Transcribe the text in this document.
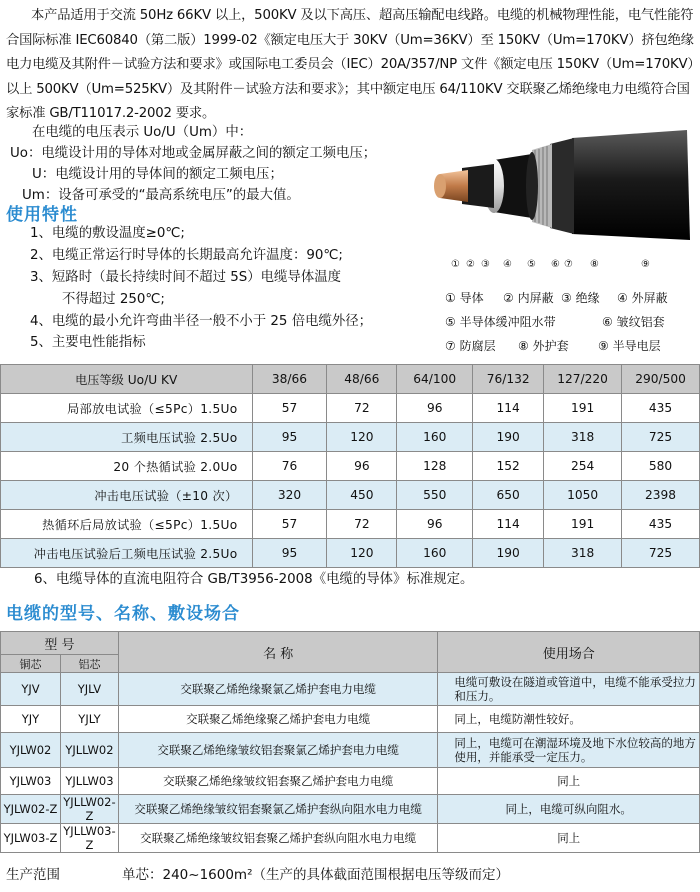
本产品适用于交流 50Hz 66KV 以上，500KV 及以下高压、超高压输配电线路。电缆的机械物理性能，电气性能符合国际标准 IEC60840（第二版）1999-02《额定电压大于 30KV（Um=36KV）至 150KV（Um=170KV）挤包绝缘电力电缆及其附件－试验方法和要求》或国际电工委员会（IEC）20A/357/NP 文件《额定电压 150KV（Um=170KV）以上 500KV（Um=525KV）及其附件－试验方法和要求》；其中额定电压 64/110KV 交联聚乙烯绝缘电力电缆符合国家标准 GB/T11017.2-2002 要求。
在电缆的电压表示 Uo/U（Um）中：
Uo：电缆设计用的导体对地或金属屏蔽之间的额定工频电压；
U：电缆设计用的导体间的额定工频电压；
Um：设备可承受的“最高系统电压”的最大值。
使用特性
1、电缆的敷设温度≥0℃;
2、电缆正常运行时导体的长期最高允许温度：90℃;
3、短路时（最长持续时间不超过 5S）电缆导体温度
不得超过 250℃;
4、电缆的最小允许弯曲半径一般不小于 25 倍电缆外径；
5、主要电性能指标
① ② ③ ④ ⑤ ⑥ ⑦ ⑧	⑨
① 导体 ② 内屏蔽 ③ 绝缘 ④ 外屏蔽
⑤ 半导体缓冲阻水带	⑥ 皱纹铝套
⑦ 防腐层 ⑧ 外护套 ⑨ 半导电层
电压等级 Uo/U KV	38/66	48/66	64/100	76/132	127/220	290/500
局部放电试验（≤5Pc）1.5Uo	57	72	96	114	191	435
工频电压试验 2.5Uo	95	120	160	190	318	725
20 个热循试验 2.0Uo	76	96	128	152	254	580
冲击电压试验（±10 次）	320	450	550	650	1050	2398
热循环后局放试验（≤5Pc）1.5Uo	57	72	96	114	191	435
冲击电压试验后工频电压试验 2.5Uo	95	120	160	190	318	725
6、电缆导体的直流电阻符合 GB/T3956-2008《电缆的导体》标准规定。
电缆的型号、名称、敷设场合
型 号		名 称	使用场合
铜芯	铝芯		
YJV	YJLV	交联聚乙烯绝缘聚氯乙烯护套电力电缆	电缆可敷设在隧道或管道中，电缆不能承受拉力和压力。
YJY	YJLY	交联聚乙烯绝缘聚乙烯护套电力电缆	同上，电缆防潮性较好。
YJLW02	YJLLW02	交联聚乙烯绝缘皱纹铝套聚氯乙烯护套电力电缆	同上，电缆可在潮湿环境及地下水位较高的地方使用，并能承受一定压力。
YJLW03	YJLLW03	交联聚乙烯绝缘皱纹铝套聚乙烯护套电力电缆	同上
YJLW02-Z	YJLLW02-Z	交联聚乙烯绝缘皱纹铝套聚氯乙烯护套纵向阻水电力电缆	同上，电缆可纵向阻水。
YJLW03-Z	YJLLW03-Z	交联聚乙烯绝缘皱纹铝套聚乙烯护套纵向阻水电力电缆	同上
生产范围	单芯：240~1600m²（生产的具体截面范围根据电压等级而定）
